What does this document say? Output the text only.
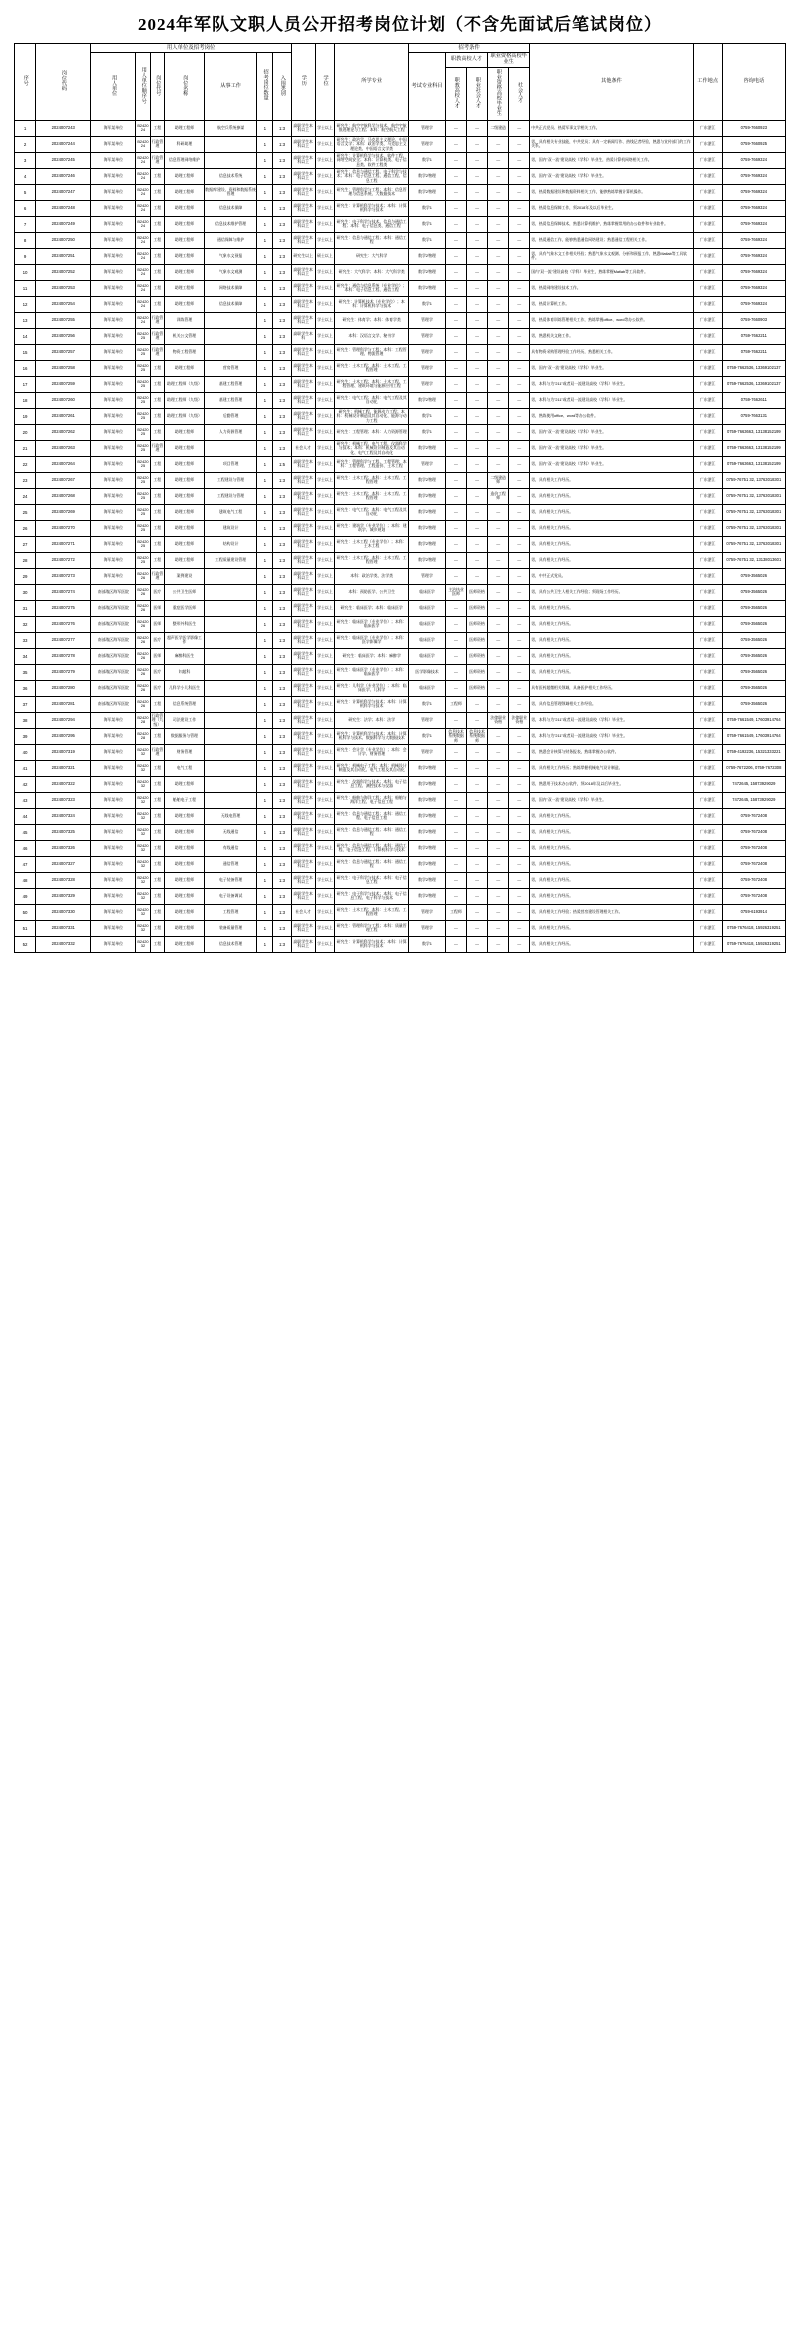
2024年军队文职人员公开招考岗位计划（不含先面试后笔试岗位）
序号	岗位代码	用人单位及招考岗位							学历	学位	所学专业	招考条件					其他条件	工作地点	咨询电话
		用人单位	用人单位顺序号	岗位代号	岗位名称	从事工作	招考岗位数量	入围类别				考试专业科目	职教高校人才		职业资格高校毕业生				
													职教高校人才	职业社会人才	职业资格高校毕业生	社会人才			
1	2024007243	海军某单位	B242024	工程	助理工程师	航空兵系统参谋	1	1:3	高职学生本科以上	学士以上	研究生：航空宇航科学与技术、航空宇航推进理论与工程；本科：航空航天工程	管理学	—	—	二级建造	—	中共正式党员、热爱军事文学相关工作。	广东湛江	0759-7660923
2	2024007244	海军某单位	B242024	行政管理	科研助理		1	1:3	高职学生本科以上	学士以上	研究生：政治学、马克思主义理论、中国语言文学；本科：政治学类、马克思主义理论类、中国语言文学类	管理学	—	—	—	—	男，具有相关专业技能，中共党员；具有一定新闻写作、热线记者经验，熟悉与宣传部门的工作关系。	广东湛江	0759-7660925
3	2024007245	海军某单位	B242024	行政管理	信息管理网络维护		1	1:3	高职学生本科以上	学士以上	研究生：计算机科学与技术、软件工程、网络空间安全；本科：计算机类、电子信息类、软件工程类	数学1	—	—	—	—	男，国内"双一流"建设高校（学科）毕业生，热爱计算机网络相关工作。	广东湛江	0759-7669324
4	2024007246	海军某单位	B242024	工程	助理工程师	信息技术系统	1	1:3	高职学生本科以上	学士以上	研究生：信息与通信工程、电子科学与技术；本科：电子信息工程、通信工程、信息工程	数学2物理	—	—	—	—	男，国内"双一流"建设高校（学科）毕业生。	广东湛江	0759-7669324
5	2024007247	海军某单位	B242024	工程	助理工程师	数据库建设、资料和数据系统管理	1	1:3	高职学生本科以上	学士以上	研究生：管理科学与工程；本科：信息管理与信息系统、大数据技术	数学2物理	—	—	—	—	男，热爱数据建设和数据资料相关工作，能够熟练掌握计算机操作。	广东湛江	0759-7669324
6	2024007248	海军某单位	B242024	工程	助理工程师	信息技术保障	1	1:3	高职学生本科以上	学士以上	研究生：计算机科学与技术；本科：计算机科学与技术	数学1	—	—	—	—	男，热爱信息保障工作，须2018年及以后毕业生。	广东湛江	0759-7669324
7	2024007249	海军某单位	B242024	工程	助理工程师	信息技术维护管理	1	1:3	高职学生本科以上	学士以上	研究生：电子科学与技术、信息与通信工程；本科：电子信息类、通信工程	数学1	—	—	—	—	男，热爱信息保障技术，熟悉计算机维护，熟练掌握常用的办公软件和专业软件。	广东湛江	0759-7669324
8	2024007250	海军某单位	B242024	工程	助理工程师	通信保障与维护	1	1:3	高职学生本科以上	学士以上	研究生：信息与通信工程；本科：通信工程	数学1	—	—	—	—	男，热爱通信工作，能够熟悉通信网络建设；熟悉通信工程相关工作。	广东湛江	0759-7669324
9	2024007251	海军某单位	B242024	工程	助理工程师	气象水文预报	1	1:3	研究生以上	硕士以上	研究生：大气科学	数学2物理	—	—	—	—	男，具有气象水文工作相关经验；熟悉气象水文观测、分析和预报工作，熟悉Matlab等工具软件。	广东湛江	0759-7669324
10	2024007252	海军某单位	B242024	工程	助理工程师	气象水文观测	1	1:3	高职学生本科以上	学士以上	研究生：大气科学；本科：大气科学类	数学2物理	—	—	—	—	国内"双一流"建设高校（学科）毕业生，熟练掌握Matlab等工具软件。	广东湛江	0759-7669324
11	2024007253	海军某单位	B242024	工程	助理工程师	网络技术保障	1	1:3	高职学生本科以上	学士以上	研究生：通信与信息系统（专业学位）；本科：电子信息工程、通信工程	数学2物理	—	—	—	—	男，热爱网络建设技术工作。	广东湛江	0759-7669324
12	2024007254	海军某单位	B242024	工程	助理工程师	信息技术保障	1	1:3	高职学生本科以上	学士以上	研究生：计算机技术（专业学位）；本科：计算机科学与技术	数学1	—	—	—	—	男，热爱计算机工作。	广东湛江	0759-7669324
13	2024007255	海军某单位	B242024	行政管理	训练管理		1	1:3	高职学生本科以上	学士以上	研究生：体育学；本科：体育学类	管理学	—	—	—	—	男，热爱体育训练管理相关工作，熟练掌握office、word等办公软件。	广东湛江	0759-7660903
14	2024007256	海军某单位	B242025	行政管理	机关公文管理		1	1:3	高职学生本科	学士以上	本科：汉语言文学、秘书学	管理学	—	—	—	—	男，熟悉机关文秘工作。	广东湛江	0759-7662211
15	2024007257	海军某单位	B242025	行政管理	物资工程管理		1	1:3	高职学生本科以上	学士以上	研究生：管理科学与工程；本科：工程管理、物流管理	管理学	—	—	—	—	具有物资采购管理经验工作经历，熟悉相关工作。	广东湛江	0759-7662211
16	2024007258	海军某单位	B242025	工程	助理工程师	营房管理	1	1:3	高职学生本科以上	学士以上	研究生：土木工程；本科：土木工程、工程管理	管理学	—	—	—	—	男，国内"双一流"建设高校（学科）毕业生。	广东湛江	0759-7662536, 13369102137
17	2024007259	海军某单位	B242025	工程	助理工程师（九级）	基建工程管理	1	1:3	高职学生本科以上	学士以上	研究生：土木工程；本科：土木工程、工程管理、建筑环境与能源应用工程	管理学	—	—	—	—	男，本科与为"211"或者双一流建设高校（学科）毕业生。	广东湛江	0759-7662536, 13369102137
18	2024007260	海军某单位	B242025	工程	助理工程师（九级）	基建工程管理	1	1:3	高职学生本科以上	学士以上	研究生：电气工程；本科：电气工程及其自动化	数学2物理	—	—	—	—	男，本科与为"211"或者双一流建设高校（学科）毕业生。	广东湛江	0759-7662611
19	2024007261	海军某单位	B242025	工程	助理工程师（九级）	后勤管理	1	1:3	高职学生本科以上	学士以上	研究生：机械工程、能源动力工程；本科：机械设计制造及其自动化、能源与动力工程	数学1	—	—	—	—	男，熟练使用office、word等办公软件。	广东湛江	0759-7663131
20	2024007262	海军某单位	B242025	工程	助理工程师	人力资源管理	1	1:3	高职学生本科以上	学士以上	研究生：工程管理；本科：人力资源管理	数学1	—	—	—	—	男，国内"双一流"建设高校（学科）毕业生。	广东湛江	0759-7663663, 13138152199
21	2024007263	海军某单位	B242025	行政管理	助理工程师		1	1:3	社会人才	学士以上	研究生：机械工程、电气工程、仪器科学与技术；本科：机械设计制造及其自动化、电气工程及其自动化	数学2物理	—	—	—	—	男，国内"双一流"建设高校（学科）毕业生。	广东湛江	0759-7663663, 13138152199
22	2024007264	海军某单位	B242025	工程	助理工程师	项目管理	1	1:5	高职学生本科以上	学士以上	研究生：管理科学与工程、工程管理；本科：工程管理、工程造价、土木工程	管理学	—	—	—	—	男，国内"双一流"建设高校（学科）毕业生。	广东湛江	0759-7663663, 13138152199
23	2024007267	海军某单位	B242025	工程	助理工程师	工程建设与管理	1	1:3	高职学生本科以上	学士以上	研究生：土木工程；本科：土木工程、工程管理	数学2物理	—	—	二级建造师	—	男，具有相关工作经历。	广东湛江	0759-76751 32, 13763018301
24	2024007268	海军某单位	B242025	工程	助理工程师	工程建设与管理	1	1:3	高职学生本科以上	学士以上	研究生：土木工程；本科：土木工程、工程管理	数学2物理	—	—	造价工程师	—	男，具有相关工作经历。	广东湛江	0759-76751 32, 13763018301
25	2024007269	海军某单位	B242025	工程	助理工程师	建筑电气工程	1	1:3	高职学生本科以上	学士以上	研究生：电气工程；本科：电气工程及其自动化	数学2物理	—	—	—	—	男，具有相关工作经历。	广东湛江	0759-76751 32, 13763018301
26	2024007270	海军某单位	B242025	工程	助理工程师	建筑设计	1	1:3	高职学生本科以上	学士以上	研究生：建筑学（专业学位）；本科：建筑学、城乡规划	数学2物理	—	—	—	—	男，具有相关工作经历。	广东湛江	0759-76751 32, 13763018301
27	2024007271	海军某单位	B242025	工程	助理工程师	结构设计	1	1:3	高职学生本科以上	学士以上	研究生：土木工程（专业学位）；本科：土木工程	数学2物理	—	—	—	—	男，具有相关工作经历。	广东湛江	0759-76751 32, 13763018301
28	2024007272	海军某单位	B242025	工程	助理工程师	工程质量建设管理	1	1:3	高职学生本科以上	学士以上	研究生：土木工程；本科：土木工程、工程管理	数学2物理	—	—	—	—	男，具有相关工作经历。	广东湛江	0759-76751 32, 13138013601
29	2024007273	海军某单位	B242026	行政管理	案例建设		1	1:3	高职学生本科以上	学士以上	本科：政治学类、法学类	管理学	—	—	—	—	男，中共正式党员。	广东湛江	0759-3565026
30	2024007274	南部战区海军医院	B242026	医疗	公共卫生医师		1	1:3	高职学生本科以上	学士以上	本科：预防医学、公共卫生	临床医学	主治执业医师	医师资格	—	—	男，具有公共卫生人相关工作经验；须现场工作经历。	广东湛江	0759-3565026
31	2024007275	南部战区海军医院	B242026	医师	重症医学医师		1	1:3	高职学生本科以上	学士以上	研究生：临床医学；本科：临床医学	临床医学	—	医师资格	—	—	男，具有相关工作经历。	广东湛江	0759-3565026
32	2024007276	南部战区海军医院	B242026	医师	整形外科医生		1	1:3	高职学生本科以上	学士以上	研究生：临床医学（专业学位）；本科：临床医学	临床医学	—	医师资格	—	—	男，具有相关工作经历。	广东湛江	0759-3565026
33	2024007277	南部战区海军医院	B242026	医疗	超声医学医学影像工作		1	1:3	高职学生本科以上	学士以上	研究生：临床医学（专业学位）；本科：医学影像学	临床医学	—	医师资格	—	—	男，具有相关工作经历。	广东湛江	0759-3565026
34	2024007278	南部战区海军医院	B242026	医师	麻醉科医生		1	1:3	高职学生本科以上	学士以上	研究生：临床医学；本科：麻醉学	临床医学	—	医师资格	—	—	男，具有相关工作经历。	广东湛江	0759-3565026
35	2024007279	南部战区海军医院	B242026	医疗	妇超科		1	1:3	高职学生本科以上	学士以上	研究生：临床医学（专业学位）；本科：临床医学	医学影像技术	—	医师资格	—	—	男，具有相关工作经历。	广东湛江	0759-3565026
36	2024007280	南部战区海军医院	B242026	医疗	儿科学小儿科医生		1	1:3	高职学生本科以上	学士以上	研究生：儿科学（专业学位）；本科：临床医学、儿科学	临床医学	—	医师资格	—	—	具有医药超微相关领域，具备医护相关工作经历。	广东湛江	0759-3565026
37	2024007281	南部战区海军医院	B242026	工程	信息系统管理		1	1:3	高职学生本科以上	学士以上	研究生：计算机科学与技术；本科：计算机科学与技术	数学1	工程师	—	—	—	男，具有信息管理领域相关工作经验。	广东湛江	0759-3565026
38	2024007294	海军某单位	B242028	行政管理（九级）	司法建设工作		1	1:3	高职学生本科以上	学士以上	研究生：法学；本科：法学	管理学	—	—	法律职业资格	法律职业资格	男，本科与为"211"或者双一流建设高校（学科）毕业生。	广东湛江	0759-7661549, 17603914764
39	2024007295	海军某单位	B242028	工程	数据服务与管理		1	1:3	高职学生本科以上	学士以上	研究生：计算机科学与技术；本科：计算机科学与技术、数据科学与大数据技术	数学1	信息技术系统数据师	信息技术系统数据师	—	—	男，本科与为"211"或者双一流建设高校（学科）毕业生。	广东湛江	0759-7661549, 17603914764
40	2024007319	海军某单位	B242032	行政管理	财务管理		1	1:3	高职学生本科以上	学士以上	研究生：会计学（专业学位）；本科：会计学、财务管理	管理学	—	—	—	—	男，熟悉会计核算与财务报表，熟练掌握办公软件。	广东湛江	0759-4192236, 15321333221
41	2024007321	海军某单位	B242032	工程	电气工程		1	1:3	高职学生本科以上	学士以上	研究生：机械电子工程；本科：机械设计制造及其自动化、电气工程及其自动化	数学2物理	—	—	—	—	男，具有相关工作经历；熟练掌握机械电气设计制造。	广东湛江	0759-7672206, 0759-7672308
42	2024007322	海军某单位	B242032	工程	助理工程师		1	1:3	高职学生本科以上	学士以上	研究生：仪器科学与技术；本科：电子信息工程、测控技术与仪器	数学2物理	—	—	—	—	男，熟悉用于技术办公软件，须2018年及以后毕业生。	广东湛江	7472645, 15873929029
43	2024007323	海军某单位	B242032	工程	船舶电子工程		1	1:3	高职学生本科以上	学士以上	研究生：船舶与海洋工程；本科：船舶与海洋工程、电子信息工程	数学2物理	—	—	—	—	男，国内"双一流"建设高校（学科）毕业生。	广东湛江	7472645, 15873929029
44	2024007324	海军某单位	B242032	工程	助理工程师	无线电管理	1	1:3	高职学生本科以上	学士以上	研究生：信息与通信工程；本科：通信工程、电子信息工程	数学2物理	—	—	—	—	男，具有相关工作经历。	广东湛江	0759-7672408
45	2024007325	海军某单位	B242032	工程	助理工程师	无线通信	1	1:3	高职学生本科以上	学士以上	研究生：信息与通信工程；本科：通信工程	数学2物理	—	—	—	—	男，具有相关工作经历。	广东湛江	0759-7672408
46	2024007326	海军某单位	B242032	工程	助理工程师	有线通信	1	1:3	高职学生本科以上	学士以上	研究生：信息与通信工程；本科：通信工程、电子信息工程、计算机科学与技术	数学2物理	—	—	—	—	男，具有相关工作经历。	广东湛江	0759-7672408
47	2024007327	海军某单位	B242032	工程	助理工程师	通信管理	1	1:3	高职学生本科以上	学士以上	研究生：信息与通信工程；本科：通信工程	数学2物理	—	—	—	—	男，具有相关工作经历。	广东湛江	0759-7672408
48	2024007328	海军某单位	B242032	工程	助理工程师	电子装备管理	1	1:3	高职学生本科以上	学士以上	研究生：电子科学与技术；本科：电子信息工程	数学2物理	—	—	—	—	男，具有相关工作经历。	广东湛江	0759-7672408
49	2024007329	海军某单位	B242032	工程	助理工程师	电子设备调试	1	1:3	高职学生本科以上	学士以上	研究生：电子科学与技术；本科：电子信息工程、电子科学与技术	数学2物理	—	—	—	—	男，具有相关工作经历。	广东湛江	0759-7672408
50	2024007330	海军某单位	B242032	工程	助理工程师	工程管理	1	1:3	社会人才	学士以上	研究生：土木工程；本科：土木工程、工程管理	管理学	工程师	—	—	—	男，具有相关工作经验；热爱营房建设管理相关工作。	广东湛江	0759-6193914
51	2024007331	海军某单位	B242032	工程	助理工程师	装备质量管理	1	1:3	高职学生本科以上	学士以上	研究生：管理科学与工程；本科：质量管理工程	管理学	—	—	—	—	男，具有相关工作经历。	广东湛江	0759-7676418, 15926319251
52	2024007332	海军某单位	B242032	工程	助理工程师	信息技术管理	1	1:3	高职学生本科以上	学士以上	研究生：计算机科学与技术；本科：计算机科学与技术	数学1	—	—	—	—	男，具有相关工作经历。	广东湛江	0759-7676418, 15926319251
